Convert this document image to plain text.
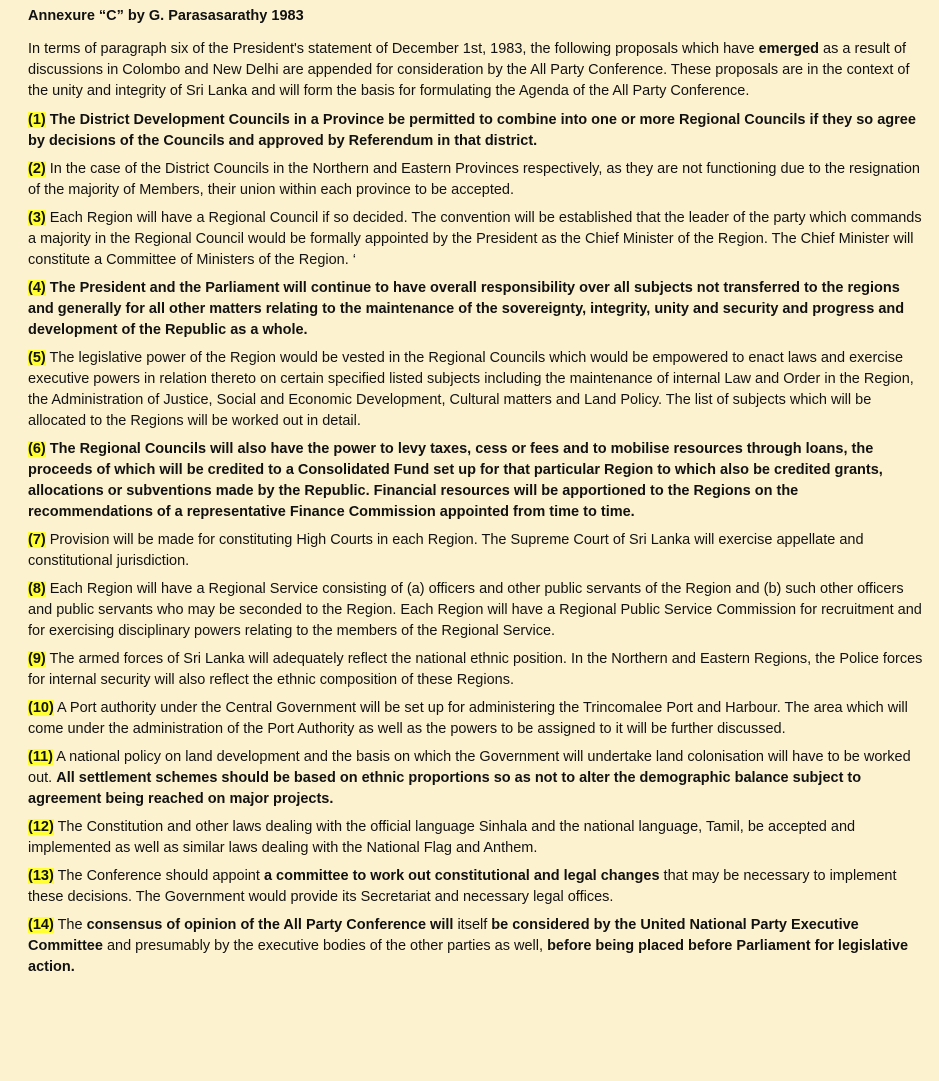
Annexure “C” by G. Parasasarathy 1983
In terms of paragraph six of the President's statement of December 1st, 1983, the following proposals which have emerged as a result of discussions in Colombo and New Delhi are appended for consideration by the All Party Conference. These proposals are in the context of the unity and integrity of Sri Lanka and will form the basis for formulating the Agenda of the All Party Conference.
(1) The District Development Councils in a Province be permitted to combine into one or more Regional Councils if they so agree by decisions of the Councils and approved by Referendum in that district.
(2) In the case of the District Councils in the Northern and Eastern Provinces respectively, as they are not functioning due to the resignation of the majority of Members, their union within each province to be accepted.
(3) Each Region will have a Regional Council if so decided. The convention will be established that the leader of the party which commands a majority in the Regional Council would be formally appointed by the President as the Chief Minister of the Region. The Chief Minister will constitute a Committee of Ministers of the Region. ‘
(4) The President and the Parliament will continue to have overall responsibility over all subjects not transferred to the regions and generally for all other matters relating to the maintenance of the sovereignty, integrity, unity and security and progress and development of the Republic as a whole.
(5) The legislative power of the Region would be vested in the Regional Councils which would be empowered to enact laws and exercise executive powers in relation thereto on certain specified listed subjects including the maintenance of internal Law and Order in the Region, the Administration of Justice, Social and Economic Development, Cultural matters and Land Policy. The list of subjects which will be allocated to the Regions will be worked out in detail.
(6) The Regional Councils will also have the power to levy taxes, cess or fees and to mobilise resources through loans, the proceeds of which will be credited to a Consolidated Fund set up for that particular Region to which also be credited grants, allocations or subventions made by the Republic. Financial resources will be apportioned to the Regions on the recommendations of a representative Finance Commission appointed from time to time.
(7) Provision will be made for constituting High Courts in each Region. The Supreme Court of Sri Lanka will exercise appellate and constitutional jurisdiction.
(8) Each Region will have a Regional Service consisting of (a) officers and other public servants of the Region and (b) such other officers and public servants who may be seconded to the Region. Each Region will have a Regional Public Service Commission for recruitment and for exercising disciplinary powers relating to the members of the Regional Service.
(9) The armed forces of Sri Lanka will adequately reflect the national ethnic position. In the Northern and Eastern Regions, the Police forces for internal security will also reflect the ethnic composition of these Regions.
(10) A Port authority under the Central Government will be set up for administering the Trincomalee Port and Harbour. The area which will come under the administration of the Port Authority as well as the powers to be assigned to it will be further discussed.
(11) A national policy on land development and the basis on which the Government will undertake land colonisation will have to be worked out. All settlement schemes should be based on ethnic proportions so as not to alter the demographic balance subject to agreement being reached on major projects.
(12) The Constitution and other laws dealing with the official language Sinhala and the national language, Tamil, be accepted and implemented as well as similar laws dealing with the National Flag and Anthem.
(13) The Conference should appoint a committee to work out constitutional and legal changes that may be necessary to implement these decisions. The Government would provide its Secretariat and necessary legal offices.
(14) The consensus of opinion of the All Party Conference will itself be considered by the United National Party Executive Committee and presumably by the executive bodies of the other parties as well, before being placed before Parliament for legislative action.
